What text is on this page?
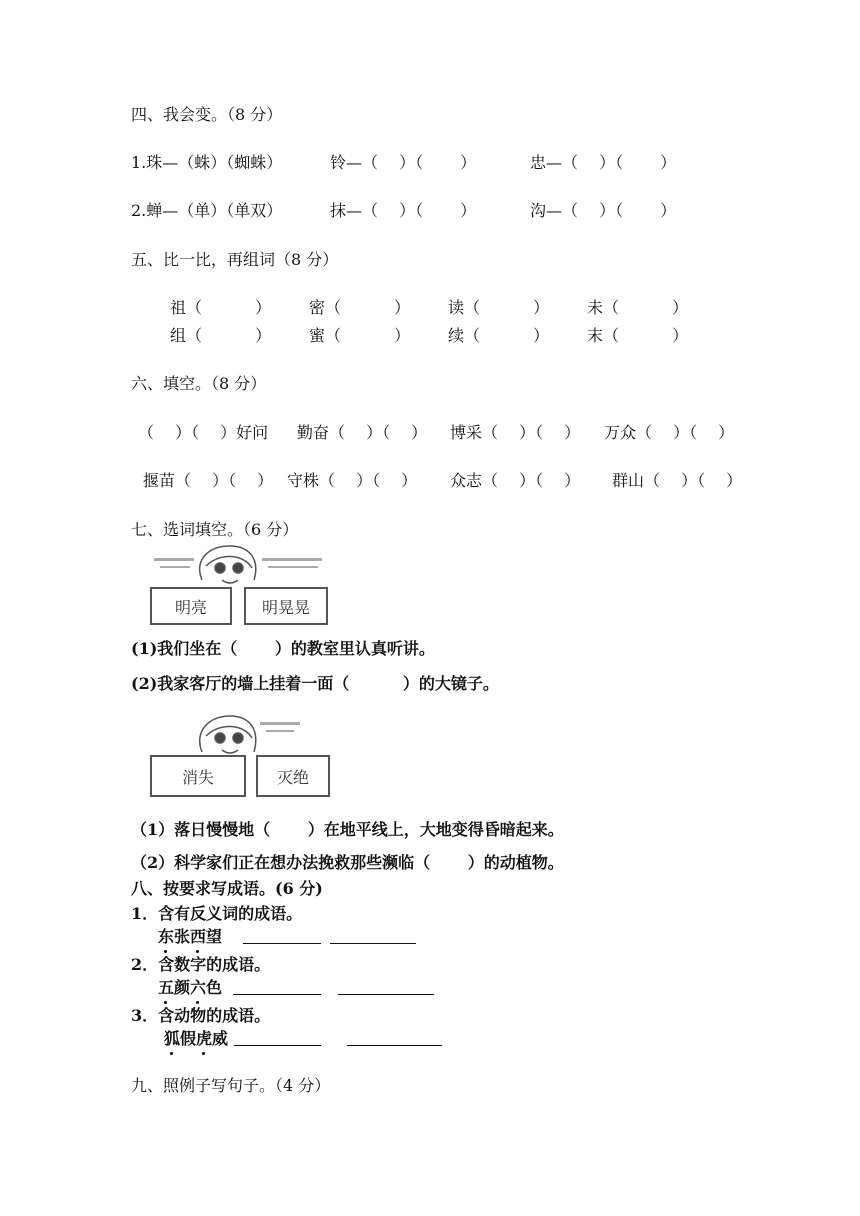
四、我会变。（8 分）
1.珠—（蛛）（蜘蛛）	铃—（　 ）（　　 ）	忠—（　 ）（　　 ）
2.蝉—（单）（单双）	抹—（　 ）（　　 ）	沟—（　 ）（　　 ）
五、比一比，再组词（8 分）
祖（　　　 ） 密（　　　 ） 读（　　　 ） 未（　　　 ）
组（　　　 ） 蜜（　　　 ） 续（　　　 ） 末（　　　 ）
六、填空。（8 分）
（　 ）（　 ）好问 勤奋（　 ）（　 ） 博采（　 ）（　 ） 万众（　 ）（　 ）
揠苗（　 ）（　 ） 守株（　 ）（　 ） 众志（　 ）（　 ） 群山（　 ）（　 ）
七、选词填空。（6 分）
明亮	明晃晃
(1)我们坐在（　　 ）的教室里认真听讲。
(2)我家客厅的墙上挂着一面（　　　 ）的大镜子。
消失	灭绝
（1）落日慢慢地（　　 ）在地平线上，大地变得昏暗起来。
（2）科学家们正在想办法挽救那些濒临（　　 ）的动植物。
八、按要求写成语。(6 分)
1．含有反义词的成语。
东张西望
2．含数字的成语。
五颜六色
3．含动物的成语。
狐假虎威
九、照例子写句子。（4 分）
